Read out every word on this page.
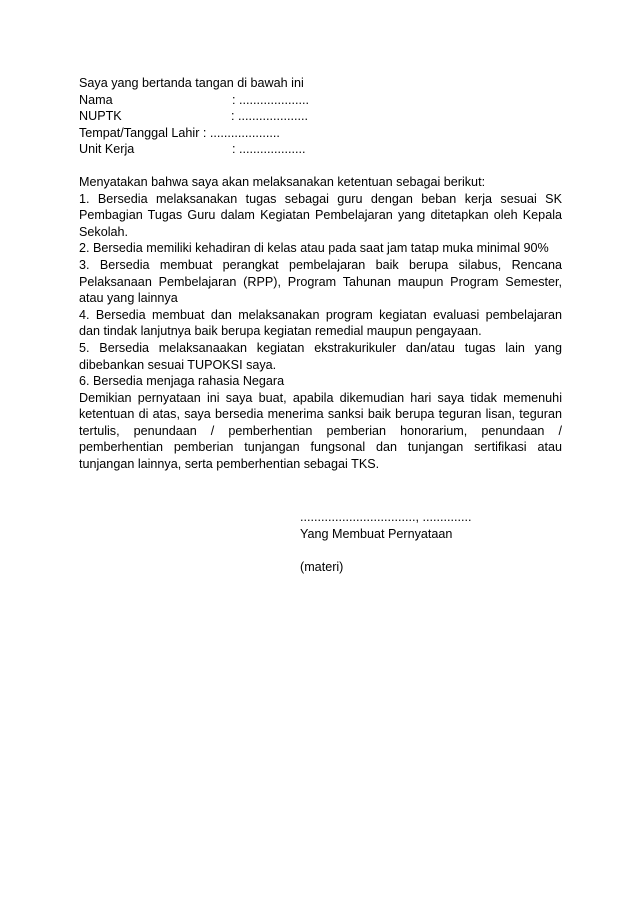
Saya yang bertanda tangan di bawah ini
Nama	: ....................
NUPTK	: ....................
Tempat/Tanggal Lahir : ....................
Unit Kerja	: ...................
Menyatakan bahwa saya akan melaksanakan ketentuan sebagai berikut:
1. Bersedia melaksanakan tugas sebagai guru dengan beban kerja sesuai SK Pembagian Tugas Guru dalam Kegiatan Pembelajaran yang ditetapkan oleh Kepala Sekolah.
2. Bersedia memiliki kehadiran di kelas atau pada saat jam tatap muka minimal 90%
3. Bersedia membuat perangkat pembelajaran baik berupa silabus, Rencana Pelaksanaan Pembelajaran (RPP), Program Tahunan maupun Program Semester, atau yang lainnya
4. Bersedia membuat dan melaksanakan program kegiatan evaluasi pembelajaran dan tindak lanjutnya baik berupa kegiatan remedial maupun pengayaan.
5. Bersedia melaksanaakan kegiatan ekstrakurikuler dan/atau tugas lain yang dibebankan sesuai TUPOKSI saya.
6. Bersedia menjaga rahasia Negara
Demikian pernyataan ini saya buat, apabila dikemudian hari saya tidak memenuhi ketentuan di atas, saya bersedia menerima sanksi baik berupa teguran lisan, teguran tertulis, penundaan / pemberhentian pemberian honorarium, penundaan / pemberhentian pemberian tunjangan fungsonal dan tunjangan sertifikasi atau tunjangan lainnya, serta pemberhentian sebagai TKS.
................................., ..............
Yang Membuat Pernyataan
(materi)
